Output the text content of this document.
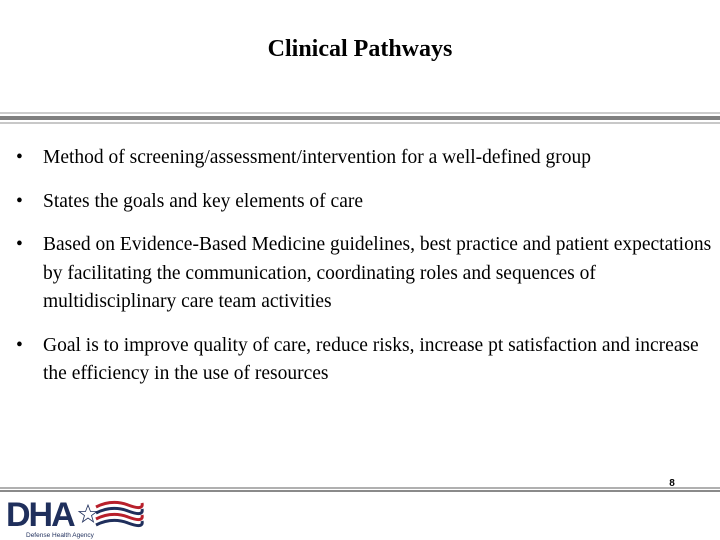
Clinical Pathways
• Method of screening/assessment/intervention for a well-defined group
• States the goals and key elements of care
• Based on Evidence-Based Medicine guidelines, best practice and patient expectations by facilitating the communication, coordinating roles and sequences of multidisciplinary care team activities
• Goal is to improve quality of care, reduce risks, increase pt satisfaction and increase the efficiency in the use of resources
DHA
Defense Health Agency
8
